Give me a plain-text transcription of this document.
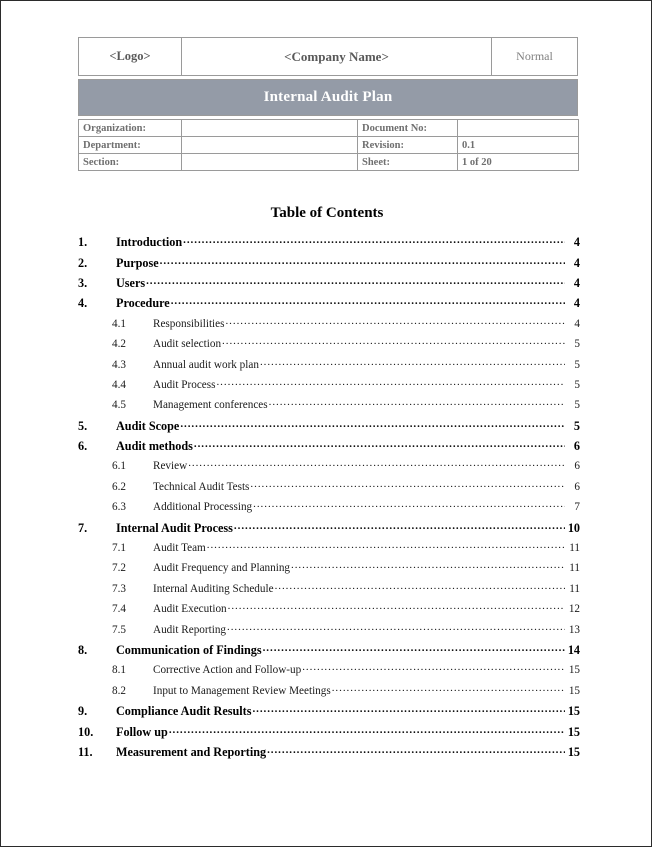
<Logo>	<Company Name>	Normal
Internal Audit Plan
Organization:		Document No:	
Department:		Revision:	0.1
Section:		Sheet:	1 of 20
Table of Contents
1.	Introduction . . .	4
2.	Purpose . . .	4
3.	Users . . .	4
4.	Procedure . . .	4
4.1	Responsibilities . . .	4
4.2	Audit selection . . .	5
4.3	Annual audit work plan . . .	5
4.4	Audit Process . . .	5
4.5	Management conferences . . .	5
5.	Audit Scope . . .	5
6.	Audit methods . . .	6
6.1	Review . . .	6
6.2	Technical Audit Tests . . .	6
6.3	Additional Processing . . .	7
7.	Internal Audit Process . . .	10
7.1	Audit Team . . .	11
7.2	Audit Frequency and Planning . . .	11
7.3	Internal Auditing Schedule . . .	11
7.4	Audit Execution . . .	12
7.5	Audit Reporting . . .	13
8.	Communication of Findings . . .	14
8.1	Corrective Action and Follow-up . . .	15
8.2	Input to Management Review Meetings . . .	15
9.	Compliance Audit Results . . .	15
10.	Follow up . . .	15
11.	Measurement and Reporting . . .	15
